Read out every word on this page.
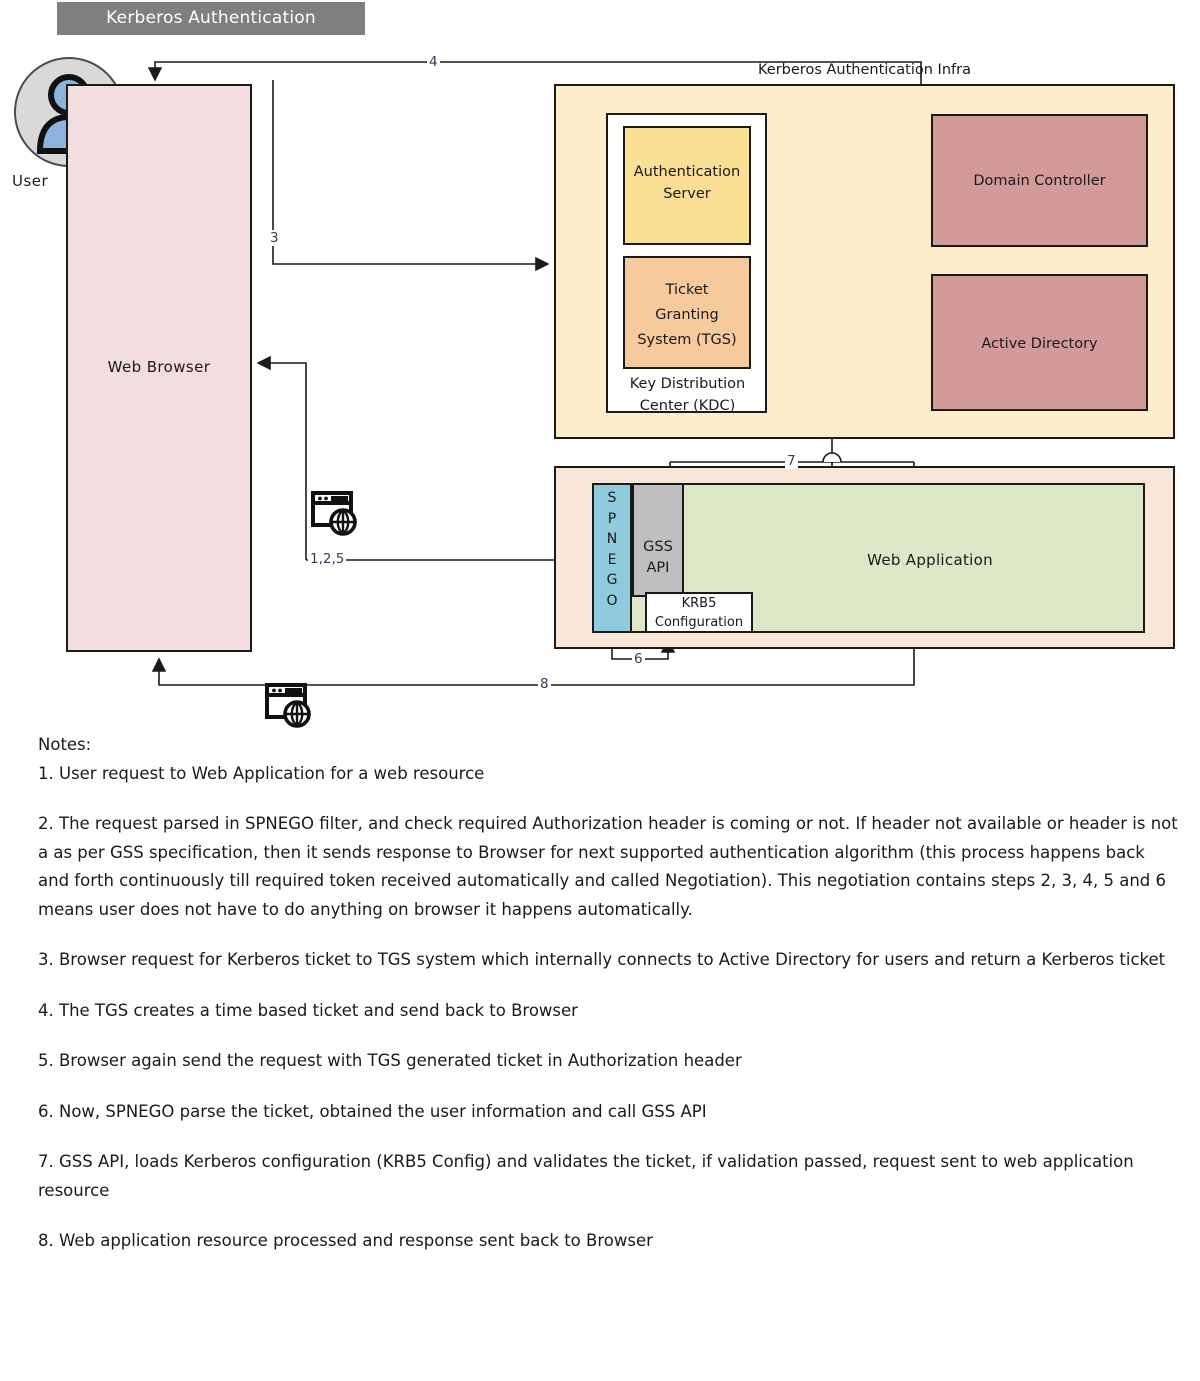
Kerberos Authentication
User
Web Browser
Kerberos Authentication Infra
Authentication
Server
Ticket
Granting
System (TGS)
Key Distribution
Center (KDC)
Domain Controller
Active Directory
S
P
N
E
G
O
GSS
API
KRB5
Configuration
Web Application
4
3
1,2,5
7
6
8

Notes:

1. User request to Web Application for a web resource

2. The request parsed in SPNEGO filter, and check required Authorization header is coming or not. If header not available or header is not a as per GSS specification, then it sends response to Browser for next supported authentication algorithm (this process happens back and forth continuously till required token received automatically and called Negotiation). This negotiation contains steps 2, 3, 4, 5 and 6 means user does not have to do anything on browser it happens automatically.

3. Browser request for Kerberos ticket to TGS system which internally connects to Active Directory for users and return a Kerberos ticket

4. The TGS creates a time based ticket and send back to Browser

5. Browser again send the request with TGS generated ticket in Authorization header

6. Now, SPNEGO parse the ticket, obtained the user information and call GSS API

7. GSS API, loads Kerberos configuration (KRB5 Config) and validates the ticket, if validation passed, request sent to web application resource

8. Web application resource processed and response sent back to Browser
